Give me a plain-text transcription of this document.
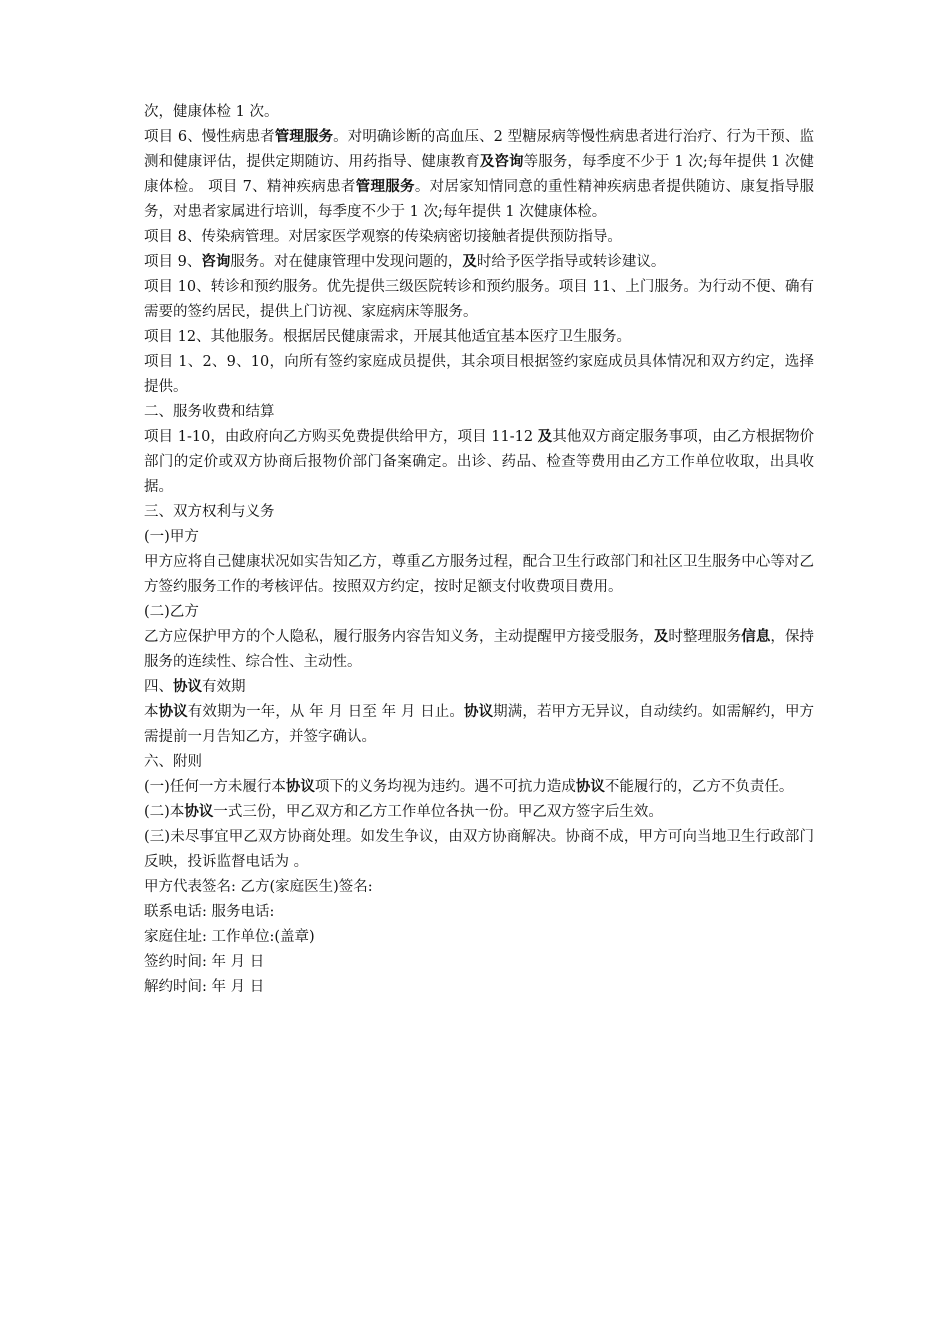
次，健康体检 1 次。

项目 6、慢性病患者管理服务。对明确诊断的高血压、2 型糖尿病等慢性病患者进行治疗、行为干预、监测和健康评估，提供定期随访、用药指导、健康教育及咨询等服务，每季度不少于 1 次;每年提供 1 次健康体检。 项目 7、精神疾病患者管理服务。对居家知情同意的重性精神疾病患者提供随访、康复指导服务，对患者家属进行培训，每季度不少于 1 次;每年提供 1 次健康体检。

项目 8、传染病管理。对居家医学观察的传染病密切接触者提供预防指导。

项目 9、咨询服务。对在健康管理中发现问题的，及时给予医学指导或转诊建议。

项目 10、转诊和预约服务。优先提供三级医院转诊和预约服务。项目 11、上门服务。为行动不便、确有需要的签约居民，提供上门访视、家庭病床等服务。

项目 12、其他服务。根据居民健康需求，开展其他适宜基本医疗卫生服务。

项目 1、2、9、10，向所有签约家庭成员提供，其余项目根据签约家庭成员具体情况和双方约定，选择提供。

二、服务收费和结算

项目 1-10，由政府向乙方购买免费提供给甲方，项目 11-12 及其他双方商定服务事项，由乙方根据物价部门的定价或双方协商后报物价部门备案确定。出诊、药品、检查等费用由乙方工作单位收取，出具收据。

三、双方权利与义务

(一)甲方

甲方应将自己健康状况如实告知乙方，尊重乙方服务过程，配合卫生行政部门和社区卫生服务中心等对乙方签约服务工作的考核评估。按照双方约定，按时足额支付收费项目费用。

(二)乙方

乙方应保护甲方的个人隐私，履行服务内容告知义务，主动提醒甲方接受服务，及时整理服务信息，保持服务的连续性、综合性、主动性。

四、协议有效期

本协议有效期为一年，从 年 月 日至 年 月 日止。协议期满，若甲方无异议，自动续约。如需解约，甲方需提前一月告知乙方，并签字确认。

六、附则

(一)任何一方未履行本协议项下的义务均视为违约。遇不可抗力造成协议不能履行的，乙方不负责任。

(二)本协议一式三份，甲乙双方和乙方工作单位各执一份。甲乙双方签字后生效。

(三)未尽事宜甲乙双方协商处理。如发生争议，由双方协商解决。协商不成，甲方可向当地卫生行政部门反映，投诉监督电话为 。

甲方代表签名: 乙方(家庭医生)签名:

联系电话: 服务电话:

家庭住址: 工作单位:(盖章)

签约时间: 年 月 日

解约时间: 年 月 日
